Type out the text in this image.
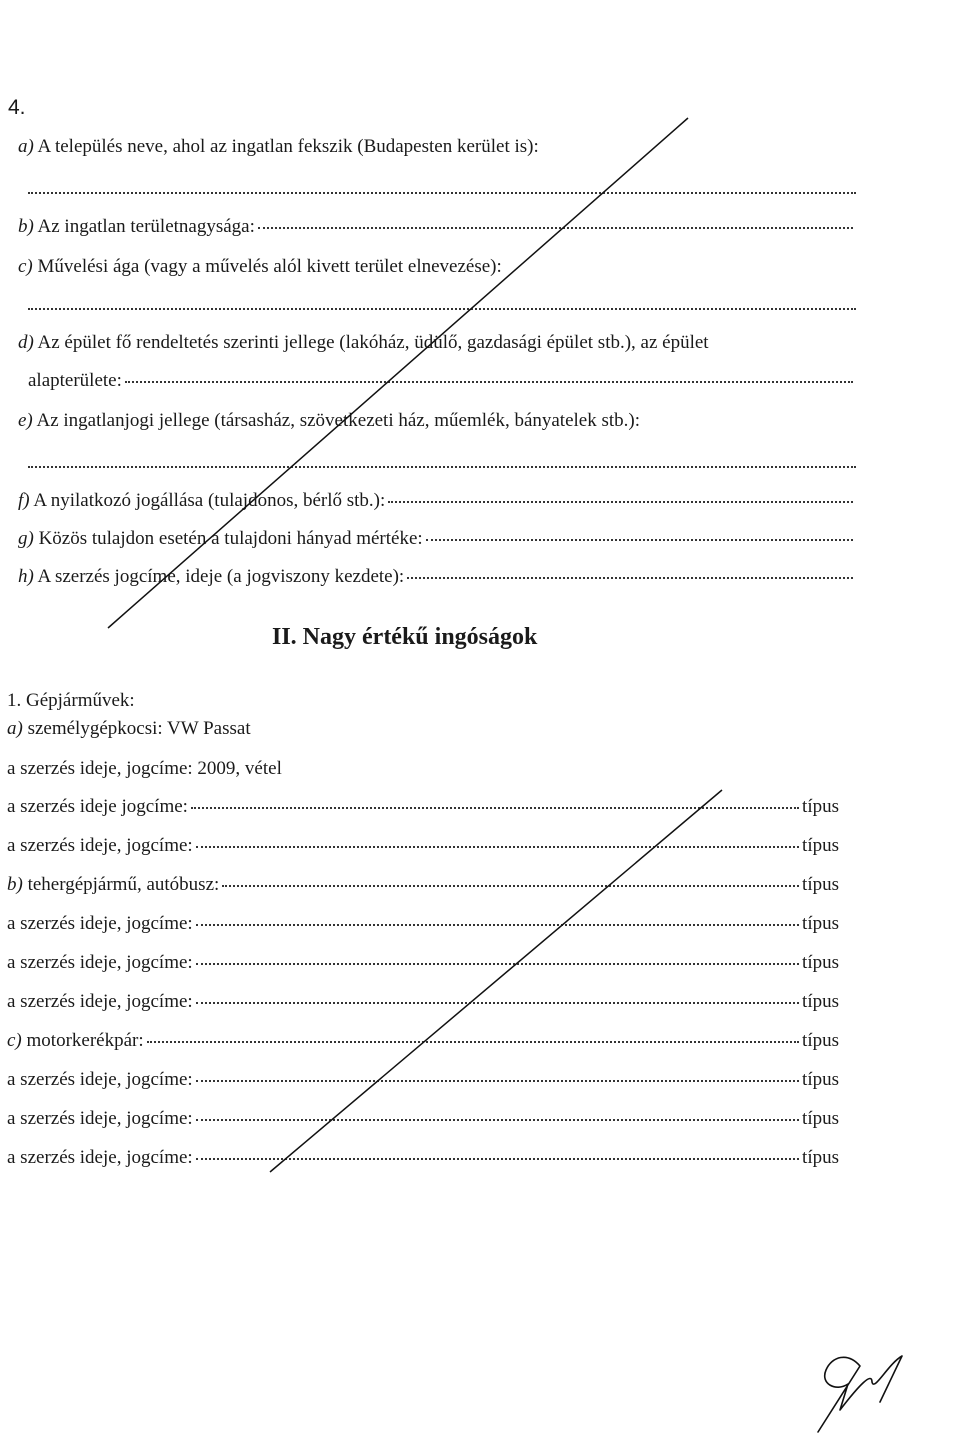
4.
a) A település neve, ahol az ingatlan fekszik (Budapesten kerület is):
b) Az ingatlan területnagysága:
c) Művelési ága (vagy a művelés alól kivett terület elnevezése):
d) Az épület fő rendeltetés szerinti jellege (lakóház, üdülő, gazdasági épület stb.), az épület
alapterülete:
e) Az ingatlanjogi jellege (társasház, szövetkezeti ház, műemlék, bányatelek stb.):
f) A nyilatkozó jogállása (tulajdonos, bérlő stb.):
g) Közös tulajdon esetén a tulajdoni hányad mértéke:
h) A szerzés jogcíme, ideje (a jogviszony kezdete):
II. Nagy értékű ingóságok
1. Gépjárművek:
a) személygépkocsi: VW Passat
a szerzés ideje, jogcíme: 2009, vétel
a szerzés ideje jogcíme:	típus
a szerzés ideje, jogcíme:	típus
b) tehergépjármű, autóbusz:	típus
a szerzés ideje, jogcíme:	típus
a szerzés ideje, jogcíme:	típus
a szerzés ideje, jogcíme:	típus
c) motorkerékpár:	típus
a szerzés ideje, jogcíme:	típus
a szerzés ideje, jogcíme:	típus
a szerzés ideje, jogcíme:	típus
